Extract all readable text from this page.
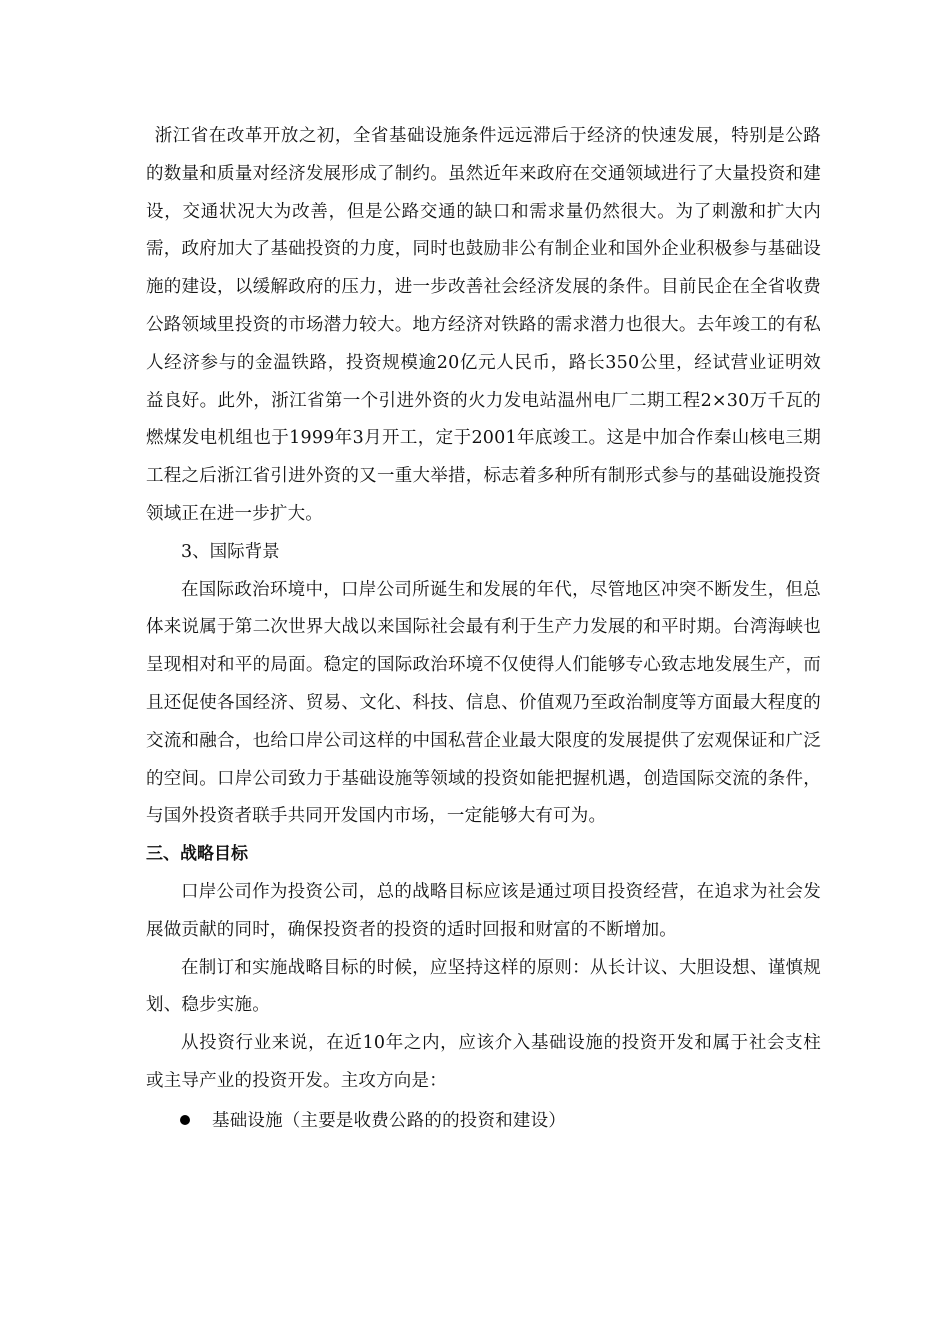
浙江省在改革开放之初，全省基础设施条件远远滞后于经济的快速发展，特别是公路的数量和质量对经济发展形成了制约。虽然近年来政府在交通领域进行了大量投资和建设，交通状况大为改善，但是公路交通的缺口和需求量仍然很大。为了刺激和扩大内需，政府加大了基础投资的力度，同时也鼓励非公有制企业和国外企业积极参与基础设施的建设，以缓解政府的压力，进一步改善社会经济发展的条件。目前民企在全省收费公路领域里投资的市场潜力较大。地方经济对铁路的需求潜力也很大。去年竣工的有私人经济参与的金温铁路，投资规模逾20亿元人民币，路长350公里，经试营业证明效益良好。此外，浙江省第一个引进外资的火力发电站温州电厂二期工程2×30万千瓦的燃煤发电机组也于1999年3月开工，定于2001年底竣工。这是中加合作秦山核电三期工程之后浙江省引进外资的又一重大举措，标志着多种所有制形式参与的基础设施投资领域正在进一步扩大。

3、国际背景

在国际政治环境中，口岸公司所诞生和发展的年代，尽管地区冲突不断发生，但总体来说属于第二次世界大战以来国际社会最有利于生产力发展的和平时期。台湾海峡也呈现相对和平的局面。稳定的国际政治环境不仅使得人们能够专心致志地发展生产，而且还促使各国经济、贸易、文化、科技、信息、价值观乃至政治制度等方面最大程度的交流和融合，也给口岸公司这样的中国私营企业最大限度的发展提供了宏观保证和广泛的空间。口岸公司致力于基础设施等领域的投资如能把握机遇，创造国际交流的条件，与国外投资者联手共同开发国内市场，一定能够大有可为。

三、战略目标

口岸公司作为投资公司，总的战略目标应该是通过项目投资经营，在追求为社会发展做贡献的同时，确保投资者的投资的适时回报和财富的不断增加。

在制订和实施战略目标的时候，应坚持这样的原则：从长计议、大胆设想、谨慎规划、稳步实施。

从投资行业来说，在近10年之内，应该介入基础设施的投资开发和属于社会支柱或主导产业的投资开发。主攻方向是：

基础设施（主要是收费公路的的投资和建设）
